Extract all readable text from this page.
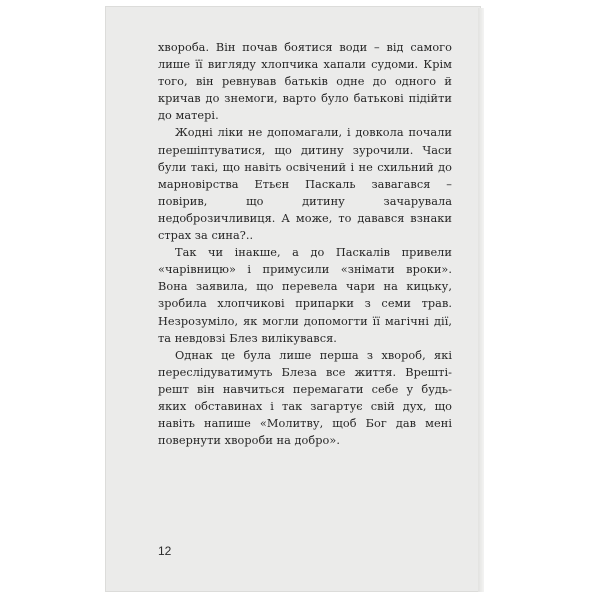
хвороба. Він почав боятися води – від самого лише її вигляду хлопчика хапали судоми. Крім того, він ревнував батьків одне до одного й кричав до знемоги, варто було батькові підійти до матері.

Жодні ліки не допомагали, і довкола почали перешіптуватися, що дитину зурочили. Часи були такі, що навіть освічений і не схильний до марновірства Етьєн Паскаль завагався – повірив, що дитину зачарувала недоброзичливиця. А може, то давався взнаки страх за сина?..

Так чи інакше, а до Паскалів привели «чарівницю» і примусили «знімати вроки». Вона заявила, що перевела чари на кицьку, зробила хлопчикові припарки з семи трав. Незрозуміло, як могли допомогти її магічні дії, та невдовзі Блез вилікувався.

Однак це була лише перша з хвороб, які переслідуватимуть Блеза все життя. Врешті-решт він навчиться перемагати себе у будь-яких обставинах і так загартує свій дух, що навіть напише «Молитву, щоб Бог дав мені повернути хвороби на добро».

12
